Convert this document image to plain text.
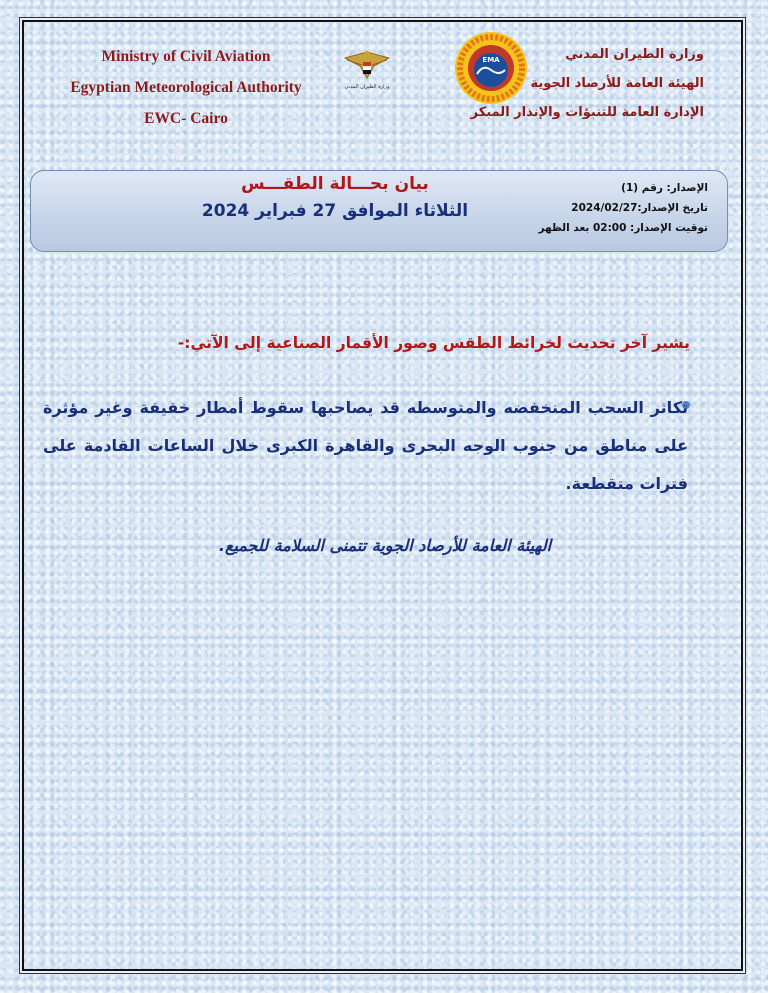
Ministry of Civil Aviation
Egyptian Meteorological Authority
EWC- Cairo
وزارة الطيران المدني
EMA	وزارة الطيران المدني
الهيئة العامة للأرصاد الجوية
الإدارة العامة للتنبؤات والإنذار المبكر
بيان بحـــالة الطقـــس
الثلاثاء الموافق 27 فبراير 2024
الإصدار: رقم (1)
تاريخ الإصدار:2024/02/27
توقيت الإصدار: 02:00 بعد الظهر
يشير آخر تحديث لخرائط الطقس وصور الأقمار الصناعية إلى الآتي:-
تكاثر السحب المنخفضه والمتوسطه قد يصاحبها سقوط أمطار خفيفة وغير مؤثرة على مناطق من جنوب الوجه البحرى والقاهرة الكبرى خلال الساعات القادمة على فترات متقطعة.
الهيئة العامة للأرصاد الجوية تتمنى السلامة للجميع.
